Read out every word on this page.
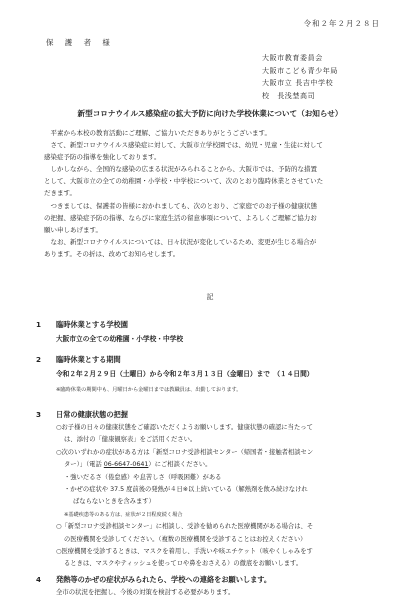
令和２年２月２８日
保　護　者　様
大阪市教育委員会
大阪市こども青少年局
大阪市立 長吉中学校
校　長浅埜高司
新型コロナウイルス感染症の拡大予防に向けた学校休業について（お知らせ）

平素から本校の教育活動にご理解、ご協力いただきありがとうございます。

さて、新型コロナウイルス感染症に対して、大阪市立学校園では、幼児・児童・生徒に対して

感染症予防の指導を強化しております。

しかしながら、全国的な感染の広まる状況がみられることから、大阪市では、予防的な措置

として、大阪市立の全ての幼稚園・小学校・中学校について、次のとおり臨時休業とさせていた

だきます。

つきましては、保護者の皆様におかれましても、次のとおり、ご家庭でのお子様の健康状態

の把握、感染症予防の指導、ならびに家庭生活の留意事項について、よろしくご理解ご協力お

願い申しあげます。

なお、新型コロナウイルスについては、日々状況が変化しているため、変更が生じる場合が

あります。その折は、改めてお知らせします。

記
1 臨時休業とする学校園
大阪市立の全ての幼稚園・小学校・中学校
2 臨時休業とする期間
令和２年２月２９日（土曜日）から令和２年３月１３日（金曜日）まで　（１４日間）
※臨時休業の期間中も、月曜日から金曜日までは教職員は、出勤しております。
3 日常の健康状態の把握
○お子様の日々の健康状態をご確認いただくようお願いします。健康状態の確認に当たって
は、添付の「健康観察表」をご活用ください。
○次のいずれかの症状がある方は「新型コロナ受診相談センター（帰国者・接触者相談セン
ター）」（電話 06-6647-0641）にご相談ください。
・強いだるさ（倦怠感）や息苦しさ（呼吸困難）がある
・かぜの症状や 37.5 度前後の発熱が４日※以上続いている（解熱剤を飲み続けなけれ
ばならないときを含みます）
※基礎疾患等のある方は、症状が２日程度続く場合
○「新型コロナ受診相談センター」に相談し、受診を勧められた医療機関がある場合は、そ
の医療機関を受診してください。（複数の医療機関を受診することはお控えください）
○医療機関を受診するときは、マスクを着用し、手洗いや咳エチケット（咳やくしゃみをす
るときは、マスクやティッシュを使ってロや鼻をおさえる）の徹底をお願いします。
4 発熱等のかぜの症状がみられたら、学校への連絡をお願いします。
全市の状況を把握し、今後の対策を検討する必要があります。
